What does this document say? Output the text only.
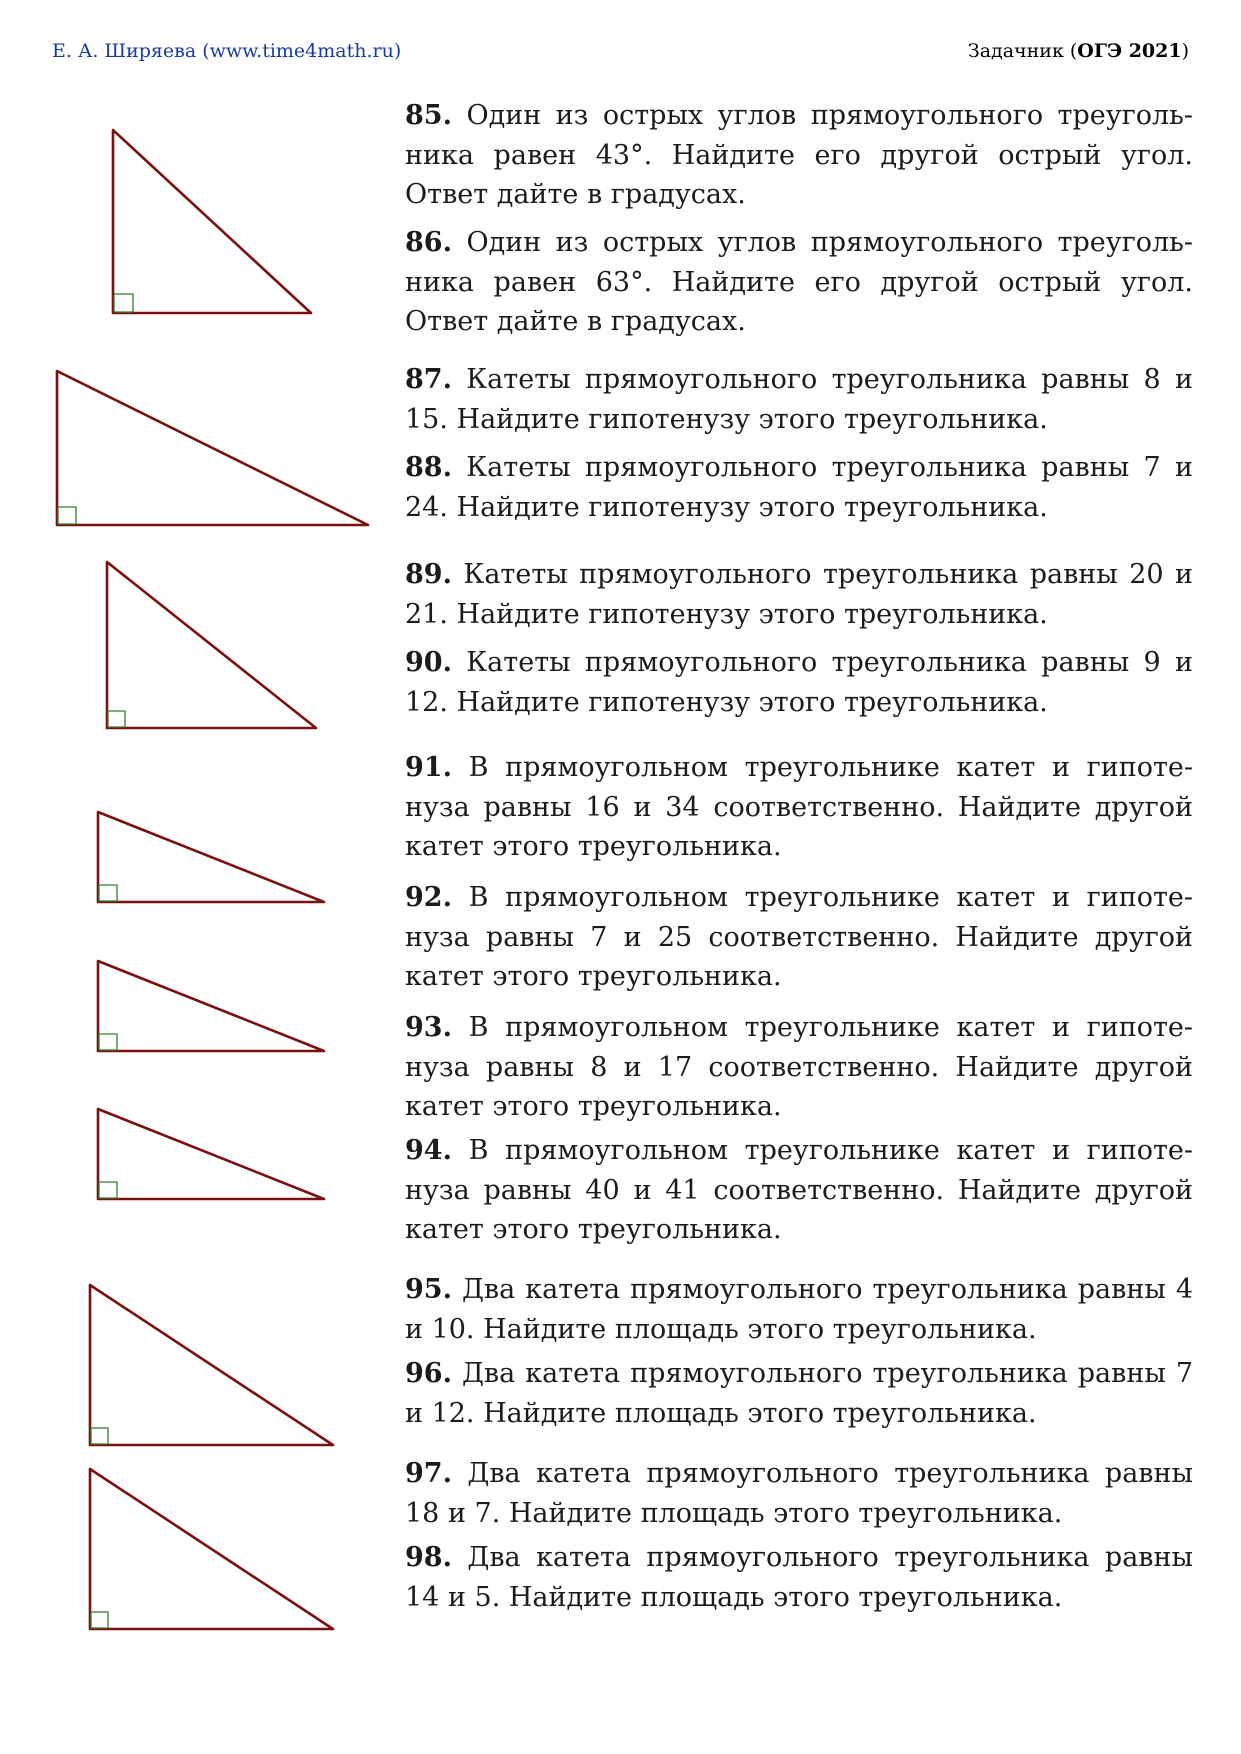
Е. А. Ширяева (www.time4math.ru)	Задачник (ОГЭ 2021)
85. Один из острых углов прямоугольного треугольника равен 43°. Найдите его другой острый угол. Ответ дайте в градусах.
86. Один из острых углов прямоугольного треугольника равен 63°. Найдите его другой острый угол. Ответ дайте в градусах.
87. Катеты прямоугольного треугольника равны 8 и 15. Найдите гипотенузу этого треугольника.
88. Катеты прямоугольного треугольника равны 7 и 24. Найдите гипотенузу этого треугольника.
89. Катеты прямоугольного треугольника равны 20 и 21. Найдите гипотенузу этого треугольника.
90. Катеты прямоугольного треугольника равны 9 и 12. Найдите гипотенузу этого треугольника.
91. В прямоугольном треугольнике катет и гипотенуза равны 16 и 34 соответственно. Найдите другой катет этого треугольника.
92. В прямоугольном треугольнике катет и гипотенуза равны 7 и 25 соответственно. Найдите другой катет этого треугольника.
93. В прямоугольном треугольнике катет и гипотенуза равны 8 и 17 соответственно. Найдите другой катет этого треугольника.
94. В прямоугольном треугольнике катет и гипотенуза равны 40 и 41 соответственно. Найдите другой катет этого треугольника.
95. Два катета прямоугольного треугольника равны 4 и 10. Найдите площадь этого треугольника.
96. Два катета прямоугольного треугольника равны 7 и 12. Найдите площадь этого треугольника.
97. Два катета прямоугольного треугольника равны 18 и 7. Найдите площадь этого треугольника.
98. Два катета прямоугольного треугольника равны 14 и 5. Найдите площадь этого треугольника.
